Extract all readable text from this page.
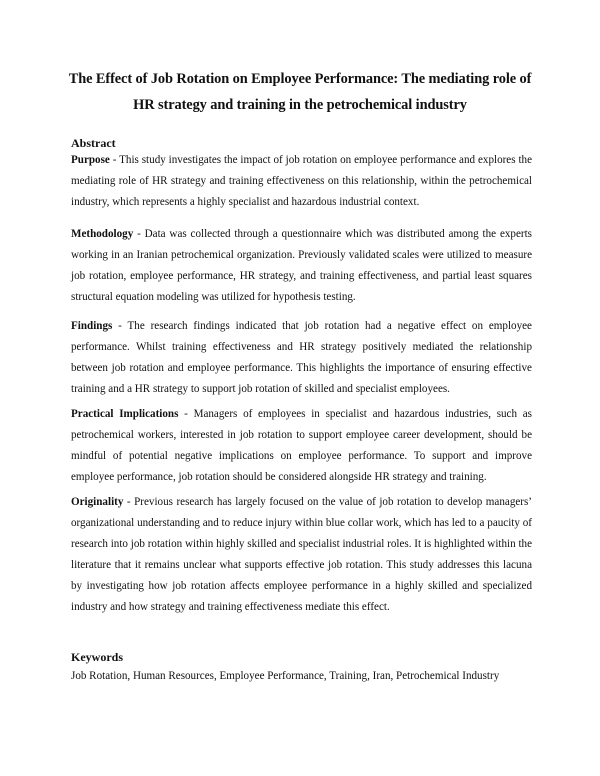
The Effect of Job Rotation on Employee Performance: The mediating role of HR strategy and training in the petrochemical industry
Abstract
Purpose - This study investigates the impact of job rotation on employee performance and explores the mediating role of HR strategy and training effectiveness on this relationship, within the petrochemical industry, which represents a highly specialist and hazardous industrial context.
Methodology - Data was collected through a questionnaire which was distributed among the experts working in an Iranian petrochemical organization. Previously validated scales were utilized to measure job rotation, employee performance, HR strategy, and training effectiveness, and partial least squares structural equation modeling was utilized for hypothesis testing.
Findings - The research findings indicated that job rotation had a negative effect on employee performance. Whilst training effectiveness and HR strategy positively mediated the relationship between job rotation and employee performance. This highlights the importance of ensuring effective training and a HR strategy to support job rotation of skilled and specialist employees.
Practical Implications - Managers of employees in specialist and hazardous industries, such as petrochemical workers, interested in job rotation to support employee career development, should be mindful of potential negative implications on employee performance. To support and improve employee performance, job rotation should be considered alongside HR strategy and training.
Originality - Previous research has largely focused on the value of job rotation to develop managers’ organizational understanding and to reduce injury within blue collar work, which has led to a paucity of research into job rotation within highly skilled and specialist industrial roles. It is highlighted within the literature that it remains unclear what supports effective job rotation. This study addresses this lacuna by investigating how job rotation affects employee performance in a highly skilled and specialized industry and how strategy and training effectiveness mediate this effect.
Keywords
Job Rotation, Human Resources, Employee Performance, Training, Iran, Petrochemical Industry
